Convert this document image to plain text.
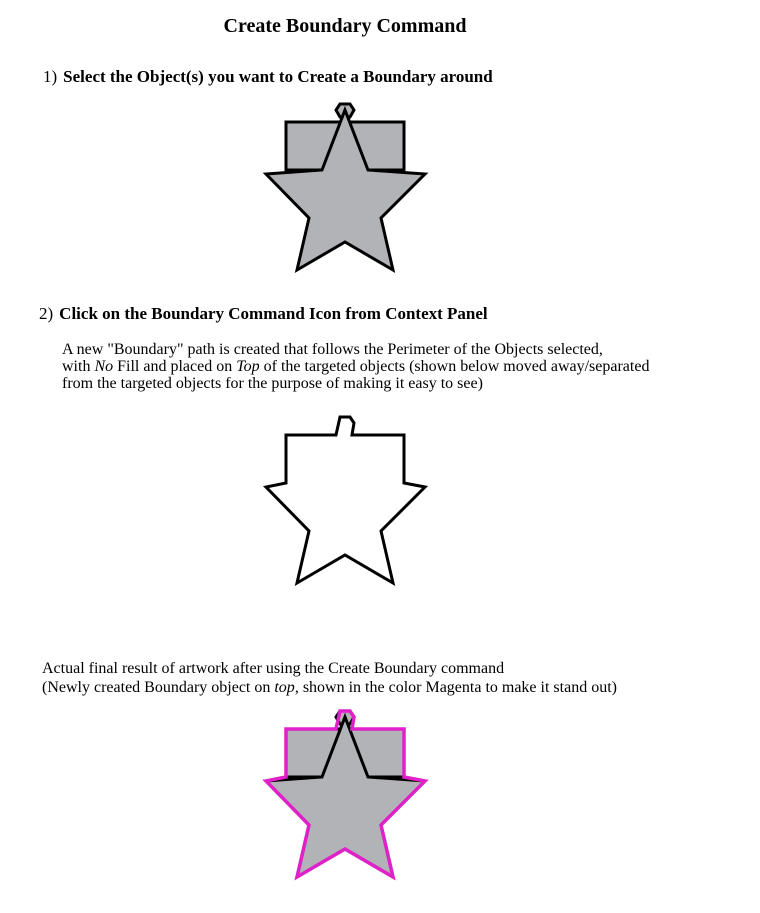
Create Boundary Command
1) Select the Object(s) you want to Create a Boundary around
2) Click on the Boundary Command Icon from Context Panel
A new "Boundary" path is created that follows the Perimeter of the Objects selected,
with No Fill and placed on Top of the targeted objects (shown below moved away/separated
from the targeted objects for the purpose of making it easy to see)
Actual final result of artwork after using the Create Boundary command
(Newly created Boundary object on top, shown in the color Magenta to make it stand out)
